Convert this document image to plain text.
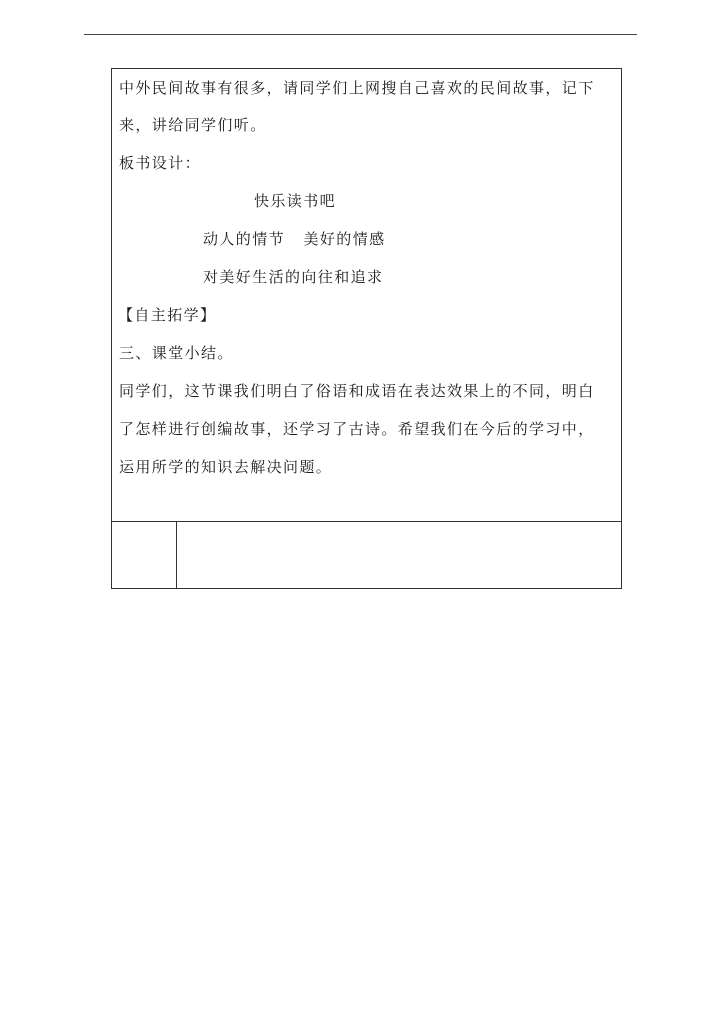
中外民间故事有很多，请同学们上网搜自己喜欢的民间故事，记下
来，讲给同学们听。
板书设计：
快乐读书吧
动人的情节   美好的情感
对美好生活的向往和追求
【自主拓学】
三、课堂小结。
同学们，这节课我们明白了俗语和成语在表达效果上的不同，明白
了怎样进行创编故事，还学习了古诗。希望我们在今后的学习中，
运用所学的知识去解决问题。
